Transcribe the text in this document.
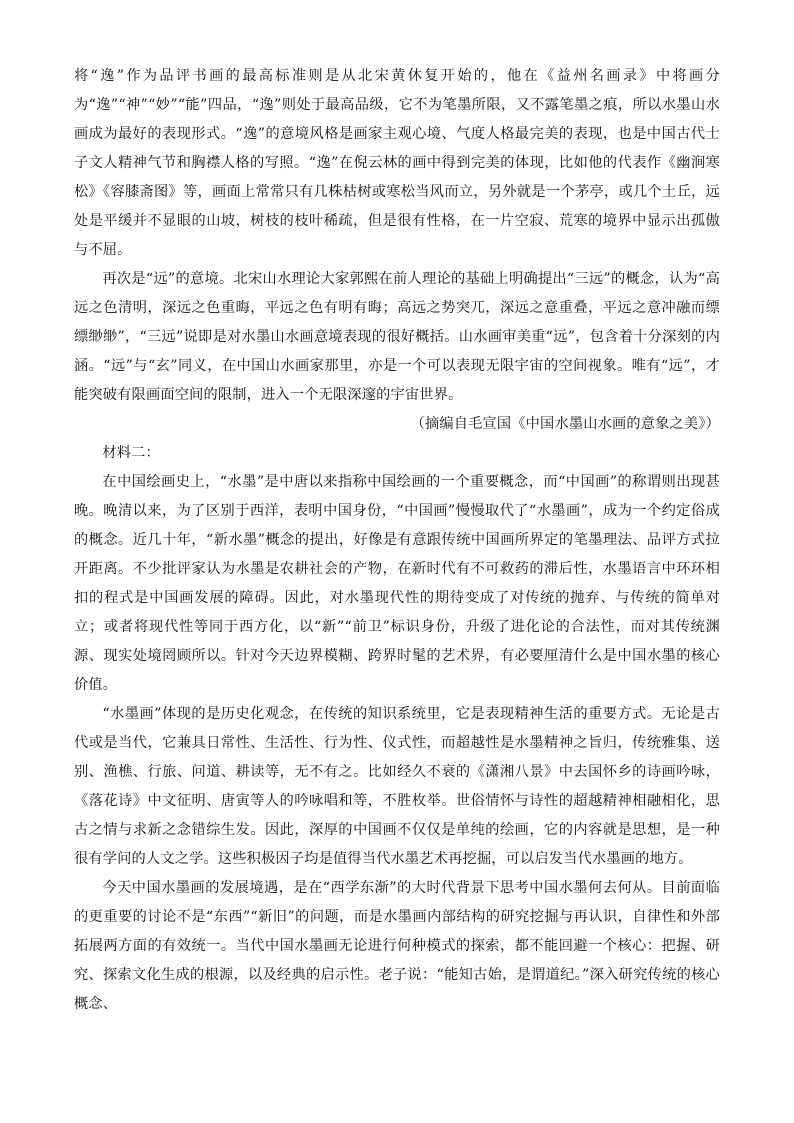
将“逸”作为品评书画的最高标准则是从北宋黄休复开始的，他在《益州名画录》中将画分为“逸”“神”“妙”“能”四品，“逸”则处于最高品级，它不为笔墨所限，又不露笔墨之痕，所以水墨山水画成为最好的表现形式。“逸”的意境风格是画家主观心境、气度人格最完美的表现，也是中国古代士子文人精神气节和胸襟人格的写照。“逸”在倪云林的画中得到完美的体现，比如他的代表作《幽涧寒松》《容膝斋图》等，画面上常常只有几株枯树或寒松当风而立，另外就是一个茅亭，或几个土丘，远处是平缓并不显眼的山坡，树枝的枝叶稀疏，但是很有性格，在一片空寂、荒寒的境界中显示出孤傲与不屈。

再次是“远”的意境。北宋山水理论大家郭熙在前人理论的基础上明确提出“三远”的概念，认为“高远之色清明，深远之色重晦，平远之色有明有晦；高远之势突兀，深远之意重叠，平远之意冲融而缥缥缈缈”，“三远”说即是对水墨山水画意境表现的很好概括。山水画审美重“远”，包含着十分深刻的内涵。“远”与“玄”同义，在中国山水画家那里，亦是一个可以表现无限宇宙的空间视象。唯有“远”，才能突破有限画面空间的限制，进入一个无限深邃的宇宙世界。

（摘编自毛宣国《中国水墨山水画的意象之美》）

材料二：

在中国绘画史上，“水墨”是中唐以来指称中国绘画的一个重要概念，而“中国画”的称谓则出现甚晚。晚清以来，为了区别于西洋，表明中国身份，“中国画”慢慢取代了“水墨画”，成为一个约定俗成的概念。近几十年，“新水墨”概念的提出，好像是有意跟传统中国画所界定的笔墨理法、品评方式拉开距离。不少批评家认为水墨是农耕社会的产物，在新时代有不可救药的滞后性，水墨语言中环环相扣的程式是中国画发展的障碍。因此，对水墨现代性的期待变成了对传统的抛弃、与传统的简单对立；或者将现代性等同于西方化，以“新”“前卫”标识身份，升级了进化论的合法性，而对其传统渊源、现实处境罔顾所以。针对今天边界模糊、跨界时髦的艺术界，有必要厘清什么是中国水墨的核心价值。

“水墨画”体现的是历史化观念，在传统的知识系统里，它是表现精神生活的重要方式。无论是古代或是当代，它兼具日常性、生活性、行为性、仪式性，而超越性是水墨精神之旨归，传统雅集、送别、渔樵、行旅、问道、耕读等，无不有之。比如经久不衰的《潇湘八景》中去国怀乡的诗画吟咏，《落花诗》中文征明、唐寅等人的吟咏唱和等，不胜枚举。世俗情怀与诗性的超越精神相融相化，思古之情与求新之念错综生发。因此，深厚的中国画不仅仅是单纯的绘画，它的内容就是思想，是一种很有学问的人文之学。这些积极因子均是值得当代水墨艺术再挖掘，可以启发当代水墨画的地方。

今天中国水墨画的发展境遇，是在“西学东渐”的大时代背景下思考中国水墨何去何从。目前面临的更重要的讨论不是“东西”“新旧”的问题，而是水墨画内部结构的研究挖掘与再认识，自律性和外部拓展两方面的有效统一。当代中国水墨画无论进行何种模式的探索，都不能回避一个核心：把握、研究、探索文化生成的根源，以及经典的启示性。老子说：“能知古始，是谓道纪。”深入研究传统的核心概念、
